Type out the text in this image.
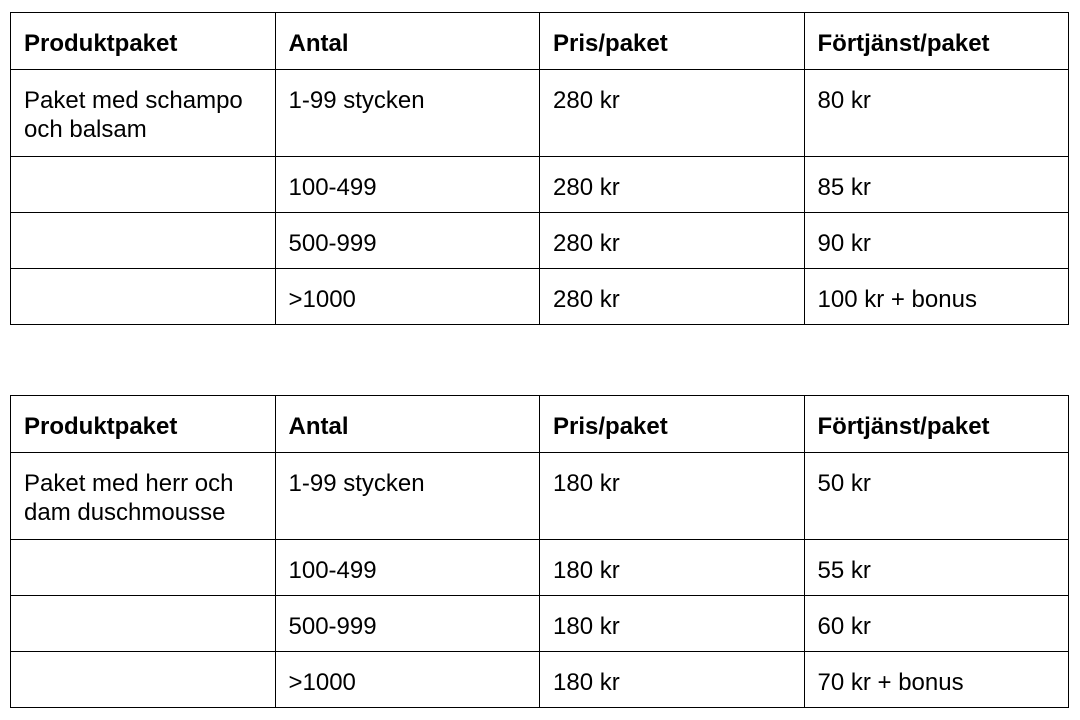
Produktpaket	Antal	Pris/paket	Förtjänst/paket
Paket med schampo och balsam	1-99 stycken	280 kr	80 kr
	100-499	280 kr	85 kr
	500-999	280 kr	90 kr
	>1000	280 kr	100 kr + bonus
Produktpaket	Antal	Pris/paket	Förtjänst/paket
Paket med herr och dam duschmousse	1-99 stycken	180 kr	50 kr
	100-499	180 kr	55 kr
	500-999	180 kr	60 kr
	>1000	180 kr	70 kr + bonus
